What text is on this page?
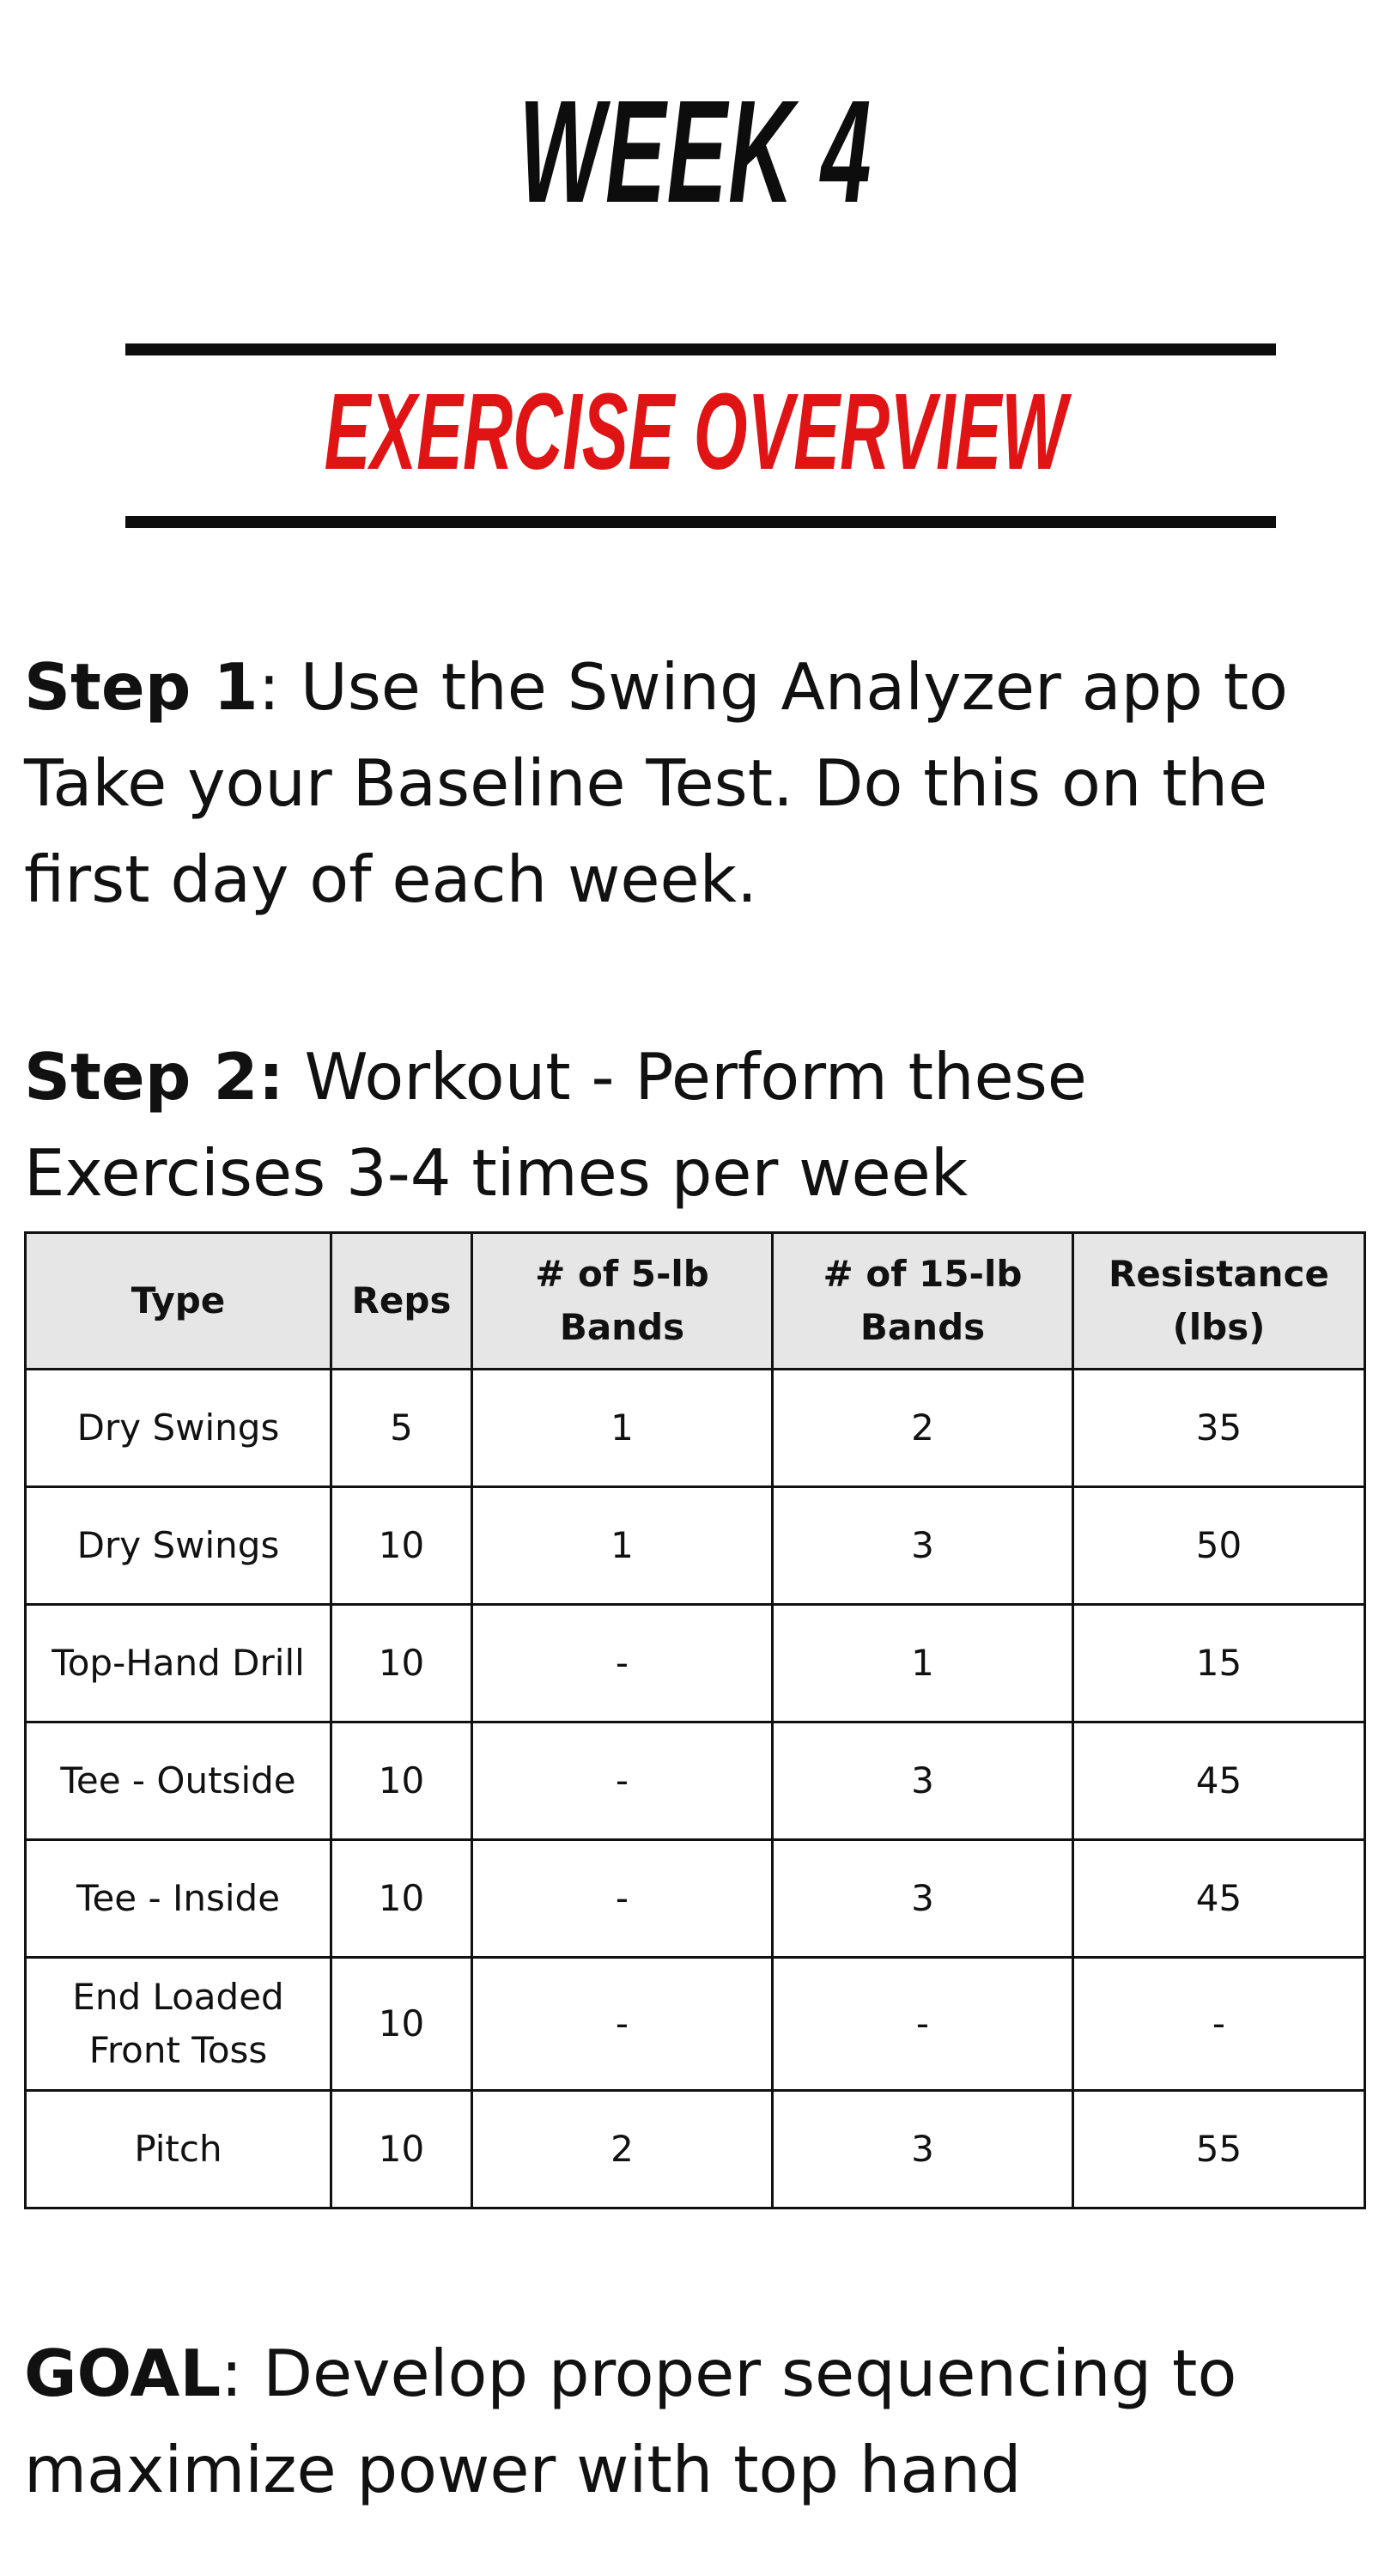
WEEK 4
EXERCISE OVERVIEW

Step 1: Use the Swing Analyzer app to Take your Baseline Test. Do this on the first day of each week.

Step 2: Workout - Perform these Exercises 3-4 times per week

Type	Reps	# of 5-lb Bands	# of 15-lb Bands	Resistance (lbs)
Dry Swings	5	1	2	35
Dry Swings	10	1	3	50
Top-Hand Drill	10	-	1	15
Tee - Outside	10	-	3	45
Tee - Inside	10	-	3	45
End Loaded Front Toss	10	-	-	-
Pitch	10	2	3	55

GOAL: Develop proper sequencing to maximize power with top hand
